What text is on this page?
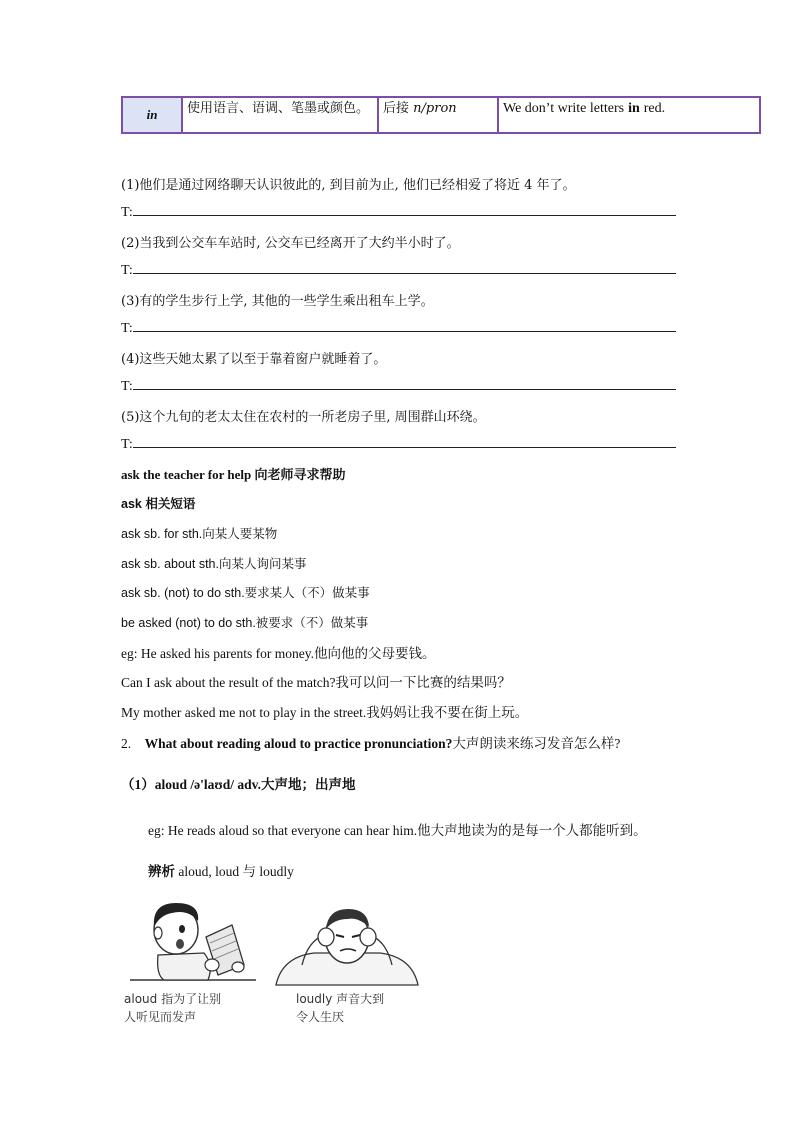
in	使用语言、语调、笔墨或颜色。	后接 n/pron	We don’t write letters in red.
(1)他们是通过网络聊天认识彼此的, 到目前为止, 他们已经相爱了将近 4 年了。
T:
(2)当我到公交车车站时, 公交车已经离开了大约半小时了。
T:
(3)有的学生步行上学, 其他的一些学生乘出租车上学。
T:
(4)这些天她太累了以至于靠着窗户就睡着了。
T:
(5)这个九旬的老太太住在农村的一所老房子里, 周围群山环绕。
T:
ask the teacher for help 向老师寻求帮助
ask 相关短语
ask sb. for sth.向某人要某物
ask sb. about sth.向某人询问某事
ask sb. (not) to do sth.要求某人（不）做某事
be asked (not) to do sth.被要求（不）做某事
eg: He asked his parents for money.他向他的父母要钱。
Can I ask about the result of the match?我可以问一下比赛的结果吗？
My mother asked me not to play in the street.我妈妈让我不要在街上玩。
2. What about reading aloud to practice pronunciation?大声朗读来练习发音怎么样?
（1）aloud /ə'laʊd/ adv.大声地；出声地
eg: He reads aloud so that everyone can hear him.他大声地读为的是每一个人都能听到。
辨析 aloud, loud 与 loudly
aloud 指为了让别
人听见而发声
loudly 声音大到
令人生厌
